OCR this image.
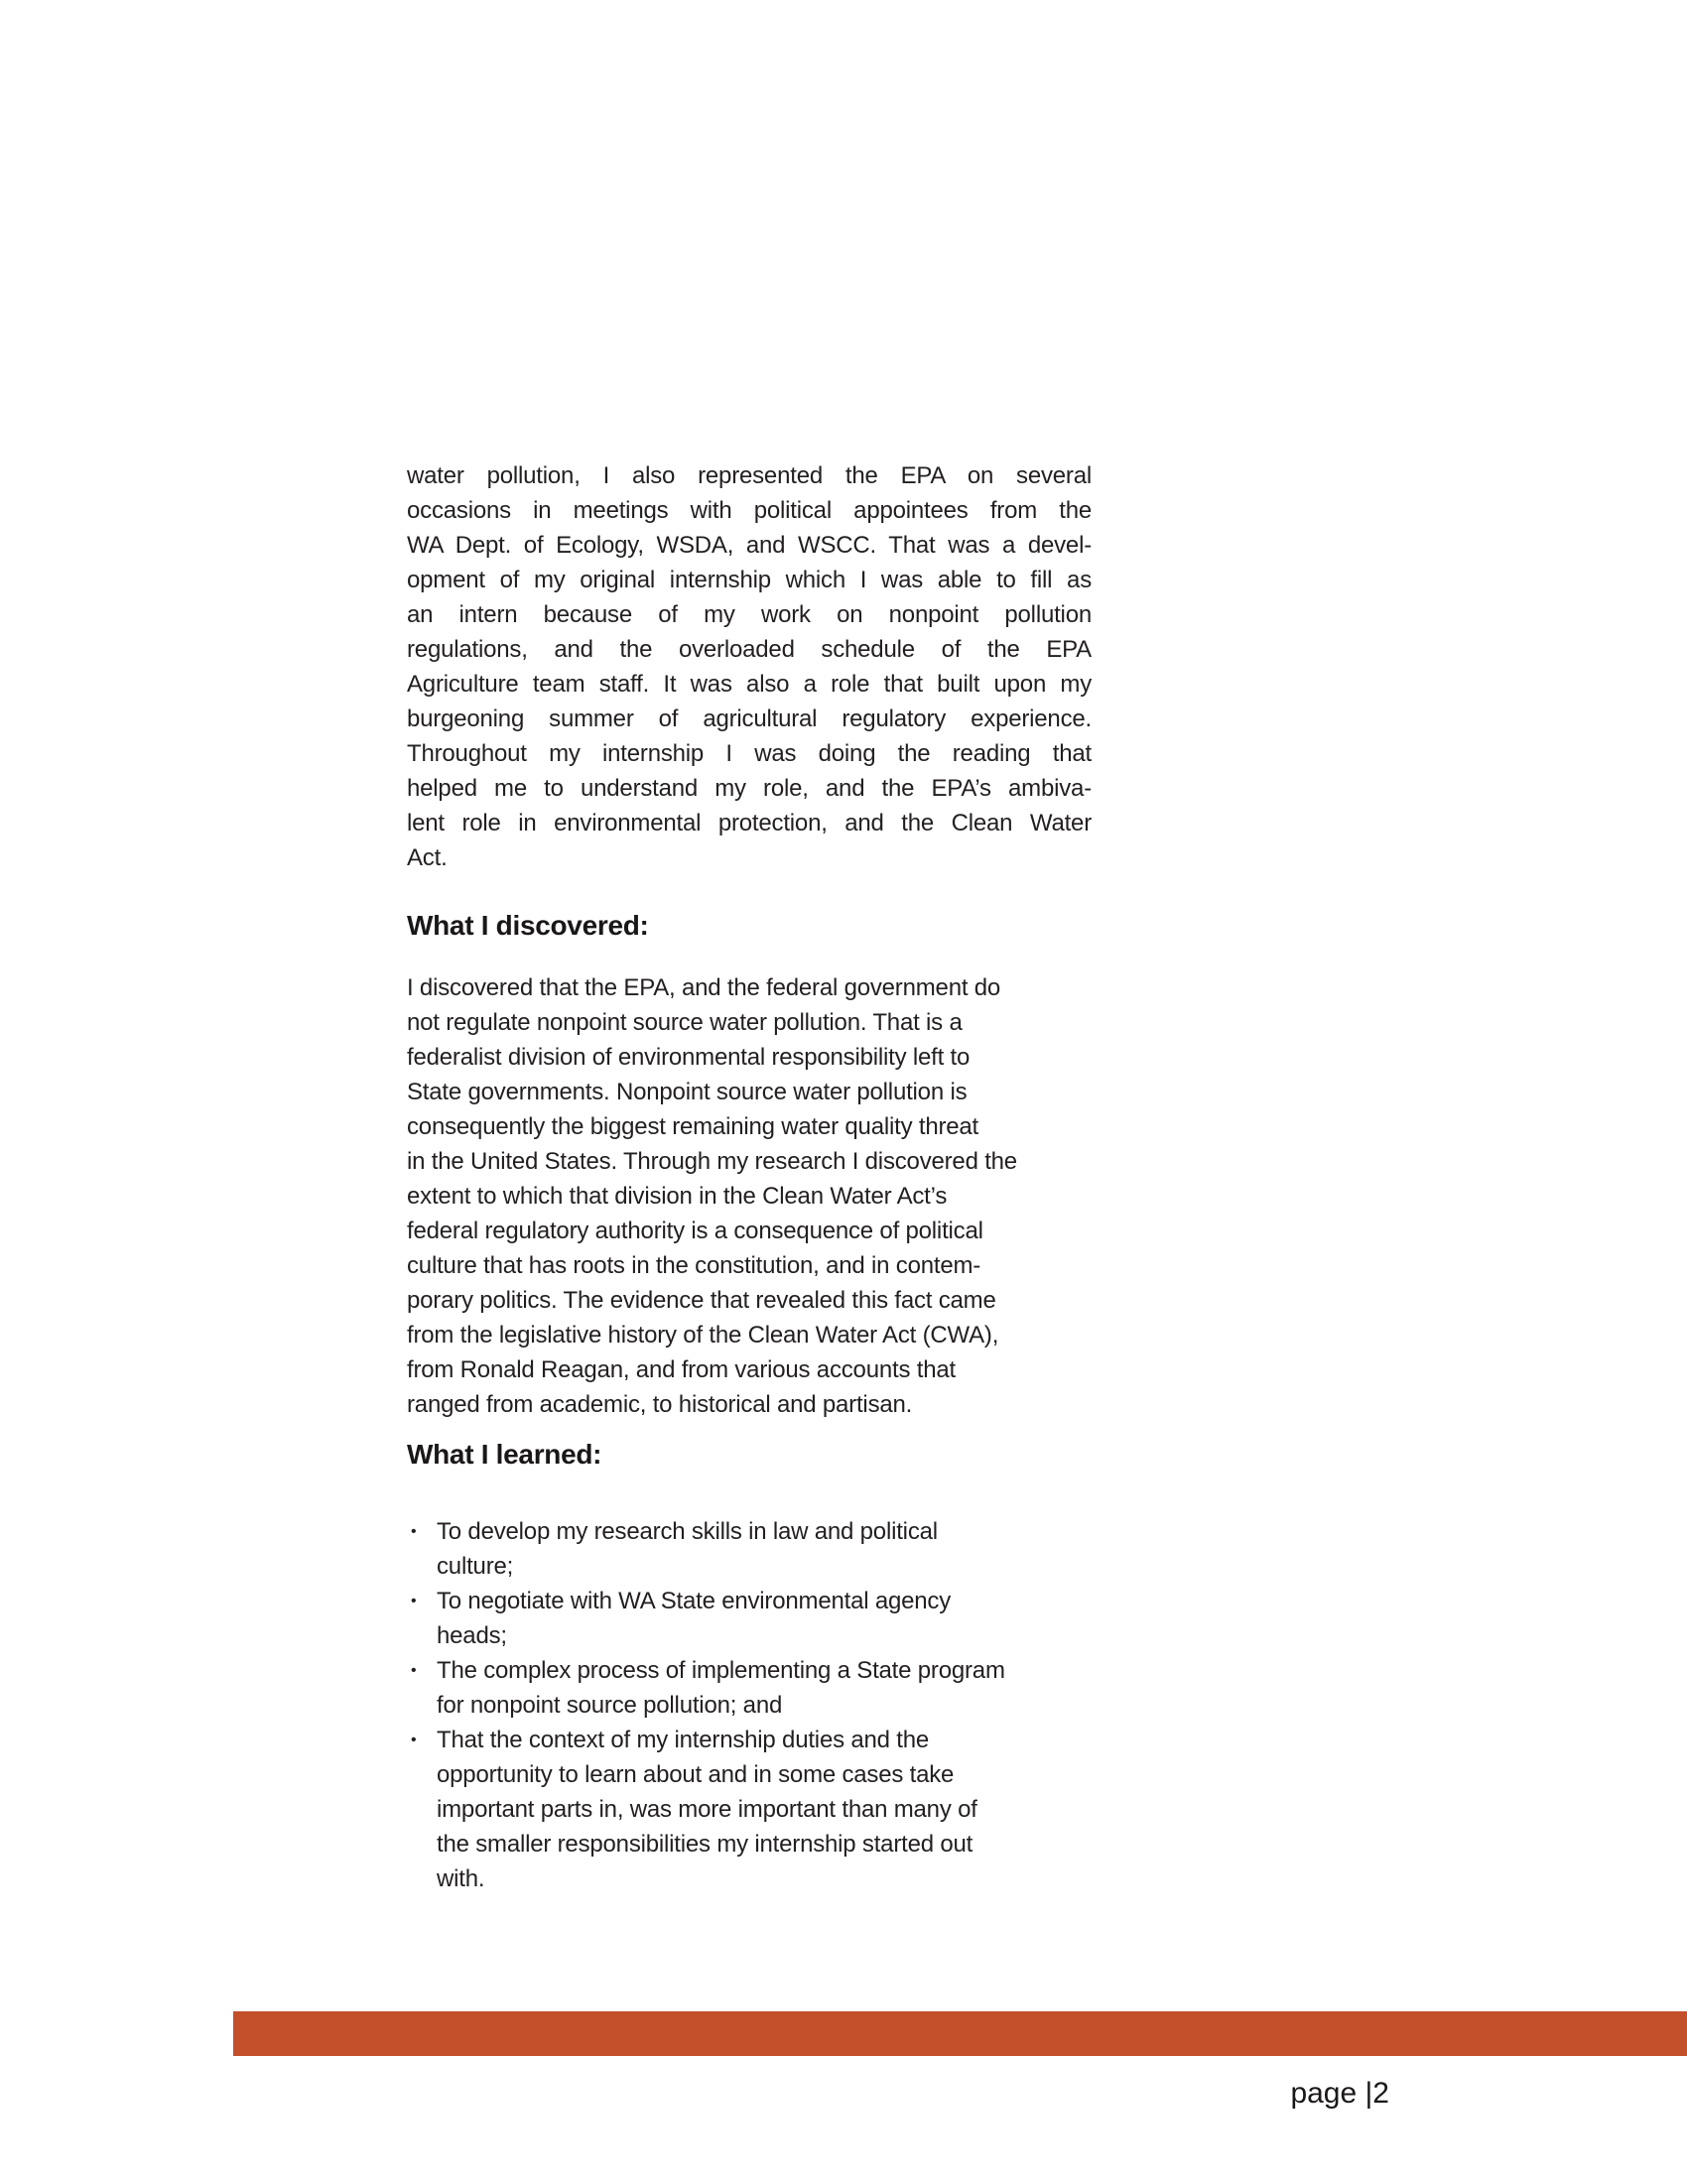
water pollution, I also represented the EPA on several
occasions in meetings with political appointees from the
WA Dept. of Ecology, WSDA, and WSCC. That was a devel-
opment of my original internship which I was able to fill as
an intern because of my work on nonpoint pollution
regulations, and the overloaded schedule of the EPA
Agriculture team staff. It was also a role that built upon my
burgeoning summer of agricultural regulatory experience.
Throughout my internship I was doing the reading that
helped me to understand my role, and the EPA’s ambiva-
lent role in environmental protection, and the Clean Water
Act.
What I discovered:
I discovered that the EPA, and the federal government do
not regulate nonpoint source water pollution. That is a
federalist division of environmental responsibility left to
State governments. Nonpoint source water pollution is
consequently the biggest remaining water quality threat
in the United States. Through my research I discovered the
extent to which that division in the Clean Water Act’s
federal regulatory authority is a consequence of political
culture that has roots in the constitution, and in contem-
porary politics. The evidence that revealed this fact came
from the legislative history of the Clean Water Act (CWA),
from Ronald Reagan, and from various accounts that
ranged from academic, to historical and partisan.
What I learned:
• To develop my research skills in law and political
culture;
• To negotiate with WA State environmental agency
heads;
• The complex process of implementing a State program
for nonpoint source pollution; and
• That the context of my internship duties and the
opportunity to learn about and in some cases take
important parts in, was more important than many of
the smaller responsibilities my internship started out
with.
page |2
